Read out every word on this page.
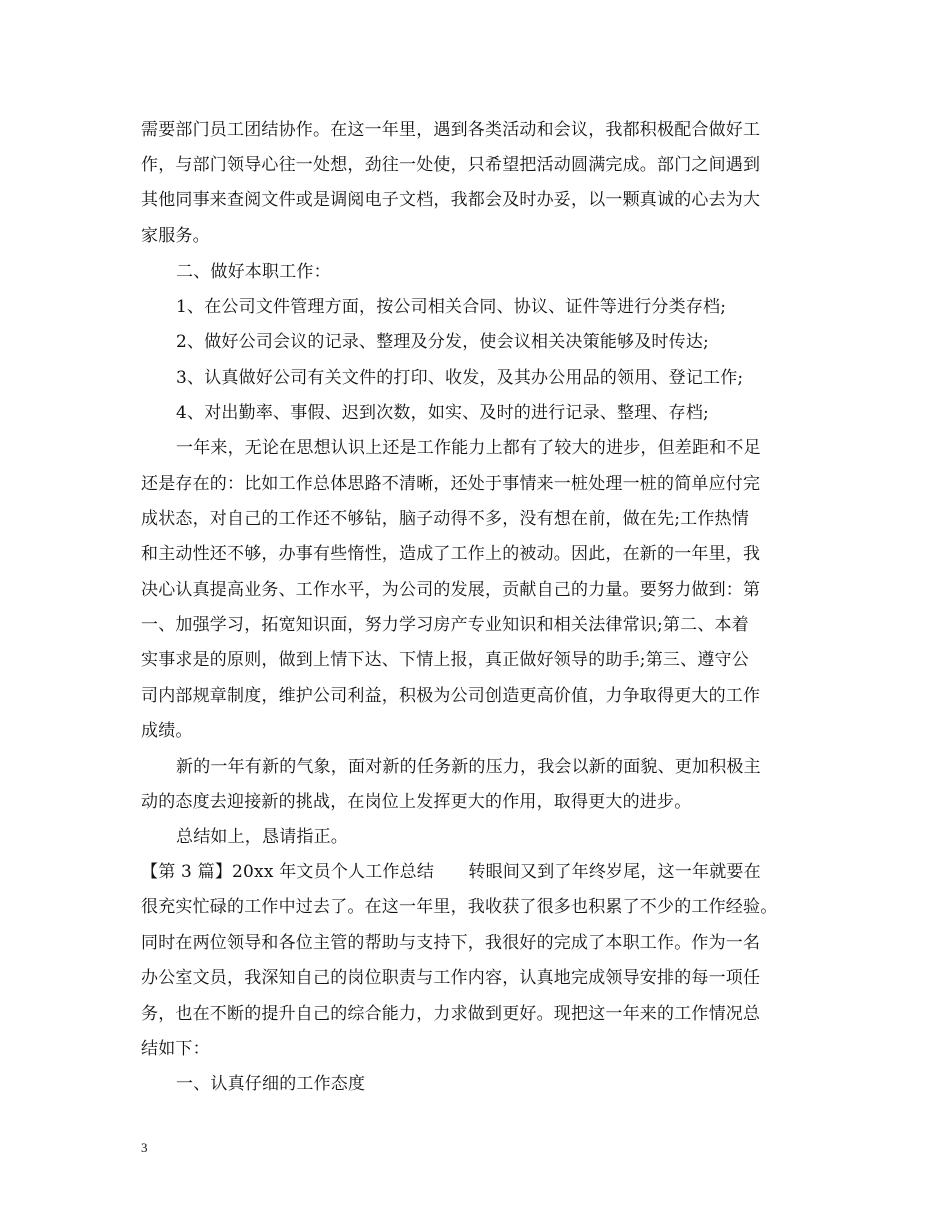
需要部门员工团结协作。在这一年里，遇到各类活动和会议，我都积极配合做好工
作，与部门领导心往一处想，劲往一处使，只希望把活动圆满完成。部门之间遇到
其他同事来查阅文件或是调阅电子文档，我都会及时办妥，以一颗真诚的心去为大
家服务。
二、做好本职工作：
1、在公司文件管理方面，按公司相关合同、协议、证件等进行分类存档;
2、做好公司会议的记录、整理及分发，使会议相关决策能够及时传达;
3、认真做好公司有关文件的打印、收发，及其办公用品的领用、登记工作;
4、对出勤率、事假、迟到次数，如实、及时的进行记录、整理、存档;
一年来，无论在思想认识上还是工作能力上都有了较大的进步，但差距和不足
还是存在的：比如工作总体思路不清晰，还处于事情来一桩处理一桩的简单应付完
成状态，对自己的工作还不够钻，脑子动得不多，没有想在前，做在先;工作热情
和主动性还不够，办事有些惰性，造成了工作上的被动。因此，在新的一年里，我
决心认真提高业务、工作水平，为公司的发展，贡献自己的力量。要努力做到：第
一、加强学习，拓宽知识面，努力学习房产专业知识和相关法律常识;第二、本着
实事求是的原则，做到上情下达、下情上报，真正做好领导的助手;第三、遵守公
司内部规章制度，维护公司利益，积极为公司创造更高价值，力争取得更大的工作
成绩。
新的一年有新的气象，面对新的任务新的压力，我会以新的面貌、更加积极主
动的态度去迎接新的挑战，在岗位上发挥更大的作用，取得更大的进步。
总结如上，恳请指正。
【第 3 篇】20xx 年文员个人工作总结　　转眼间又到了年终岁尾，这一年就要在
很充实忙碌的工作中过去了。在这一年里，我收获了很多也积累了不少的工作经验。
同时在两位领导和各位主管的帮助与支持下，我很好的完成了本职工作。作为一名
办公室文员，我深知自己的岗位职责与工作内容，认真地完成领导安排的每一项任
务，也在不断的提升自己的综合能力，力求做到更好。现把这一年来的工作情况总
结如下：
一、认真仔细的工作态度
3
